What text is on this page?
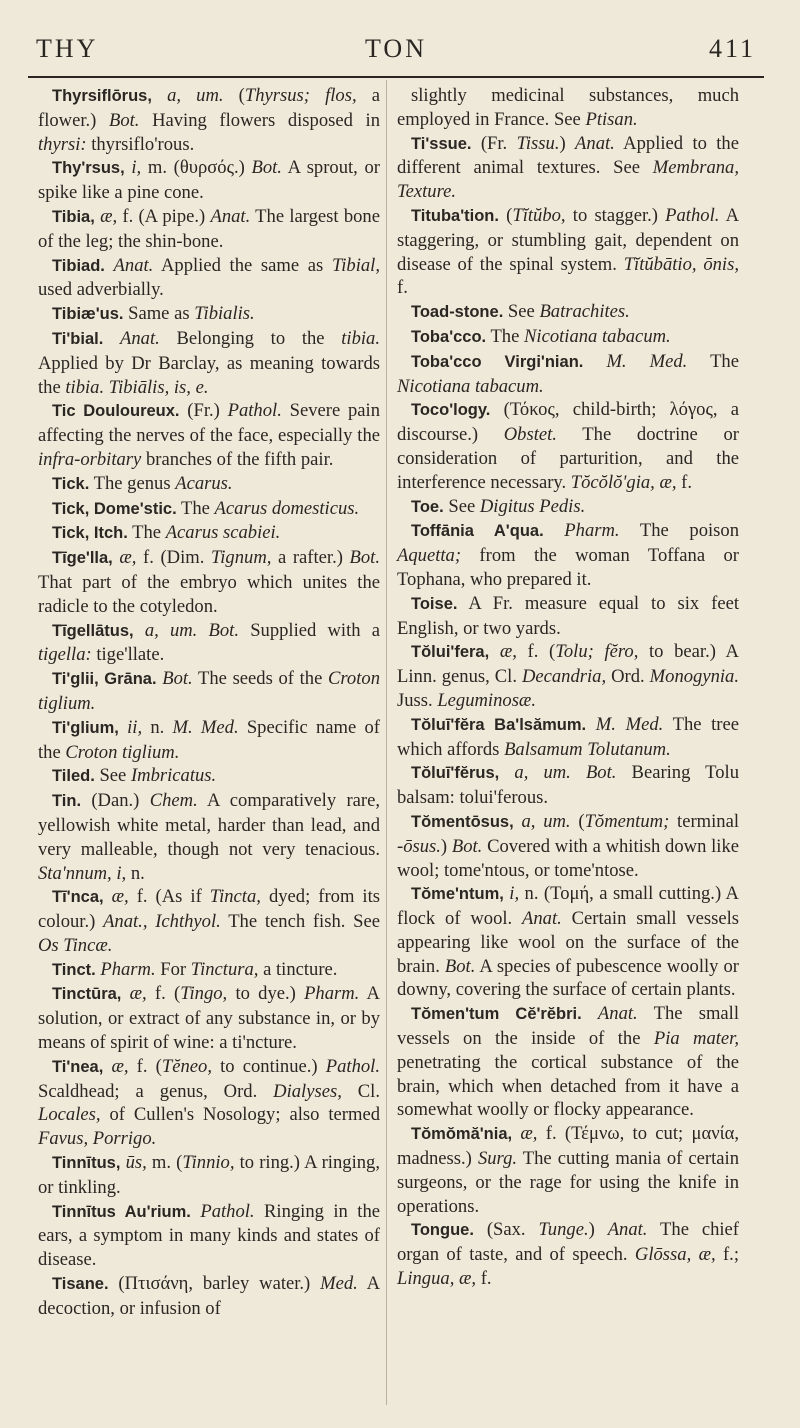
THY	TON	411

Thyrsiflōrus, a, um. (Thyrsus; flos, a flower.) Bot. Having flowers disposed in thyrsi: thyrsiflo'rous.

Thy'rsus, i, m. (θυρσός.) Bot. A sprout, or spike like a pine cone.

Tibia, æ, f. (A pipe.) Anat. The largest bone of the leg; the shin-bone.

Tibiad. Anat. Applied the same as Tibial, used adverbially.

Tibiæ'us. Same as Tibialis.

Ti'bial. Anat. Belonging to the tibia. Applied by Dr Barclay, as meaning towards the tibia. Tibiālis, is, e.

Tic Douloureux. (Fr.) Pathol. Severe pain affecting the nerves of the face, especially the infra-orbitary branches of the fifth pair.

Tick. The genus Acarus.

Tick, Dome'stic. The Acarus domesticus.

Tick, Itch. The Acarus scabiei.

Tīge'lla, æ, f. (Dim. Tignum, a rafter.) Bot. That part of the embryo which unites the radicle to the cotyledon.

Tīgellātus, a, um. Bot. Supplied with a tigella: tige'llate.

Ti'glii, Grāna. Bot. The seeds of the Croton tiglium.

Ti'glium, ii, n. M. Med. Specific name of the Croton tiglium.

Tiled. See Imbricatus.

Tin. (Dan.) Chem. A comparatively rare, yellowish white metal, harder than lead, and very malleable, though not very tenacious. Sta'nnum, i, n.

Tī'nca, æ, f. (As if Tincta, dyed; from its colour.) Anat., Ichthyol. The tench fish. See Os Tincæ.

Tinct. Pharm. For Tinctura, a tincture.

Tinctūra, æ, f. (Tingo, to dye.) Pharm. A solution, or extract of any substance in, or by means of spirit of wine: a ti'ncture.

Ti'nea, æ, f. (Tĕneo, to continue.) Pathol. Scaldhead; a genus, Ord. Dialyses, Cl. Locales, of Cullen's Nosology; also termed Favus, Porrigo.

Tinnītus, ūs, m. (Tinnio, to ring.) A ringing, or tinkling.

Tinnītus Au'rium. Pathol. Ringing in the ears, a symptom in many kinds and states of disease.

Tisane. (Πτισάνη, barley water.) Med. A decoction, or infusion of

slightly medicinal substances, much employed in France. See Ptisan.

Ti'ssue. (Fr. Tissu.) Anat. Applied to the different animal textures. See Membrana, Texture.

Tituba'tion. (Tĭtŭbo, to stagger.) Pathol. A staggering, or stumbling gait, dependent on disease of the spinal system. Tĭtŭbātio, ōnis, f.

Toad-stone. See Batrachites.

Toba'cco. The Nicotiana tabacum.

Toba'cco Virgi'nian. M. Med. The Nicotiana tabacum.

Toco'logy. (Τόκος, child-birth; λόγος, a discourse.) Obstet. The doctrine or consideration of parturition, and the interference necessary. Tŏcŏlŏ'gia, æ, f.

Toe. See Digitus Pedis.

Toffānia A'qua. Pharm. The poison Aquetta; from the woman Toffana or Tophana, who prepared it.

Toise. A Fr. measure equal to six feet English, or two yards.

Tŏlui'fera, æ, f. (Tolu; fĕro, to bear.) A Linn. genus, Cl. Decandria, Ord. Monogynia. Juss. Leguminosæ.

Tŏluī'fĕra Ba'lsămum. M. Med. The tree which affords Balsamum Tolutanum.

Tŏluī'fĕrus, a, um. Bot. Bearing Tolu balsam: tolui'ferous.

Tŏmentōsus, a, um. (Tŏmentum; terminal -ōsus.) Bot. Covered with a whitish down like wool; tome'ntous, or tome'ntose.

Tŏme'ntum, i, n. (Τομή, a small cutting.) A flock of wool. Anat. Certain small vessels appearing like wool on the surface of the brain. Bot. A species of pubescence woolly or downy, covering the surface of certain plants.

Tŏmen'tum Cĕ'rĕbri. Anat. The small vessels on the inside of the Pia mater, penetrating the cortical substance of the brain, which when detached from it have a somewhat woolly or flocky appearance.

Tŏmŏmă'nia, æ, f. (Τέμνω, to cut; μανία, madness.) Surg. The cutting mania of certain surgeons, or the rage for using the knife in operations.

Tongue. (Sax. Tunge.) Anat. The chief organ of taste, and of speech. Glōssa, æ, f.; Lingua, æ, f.
